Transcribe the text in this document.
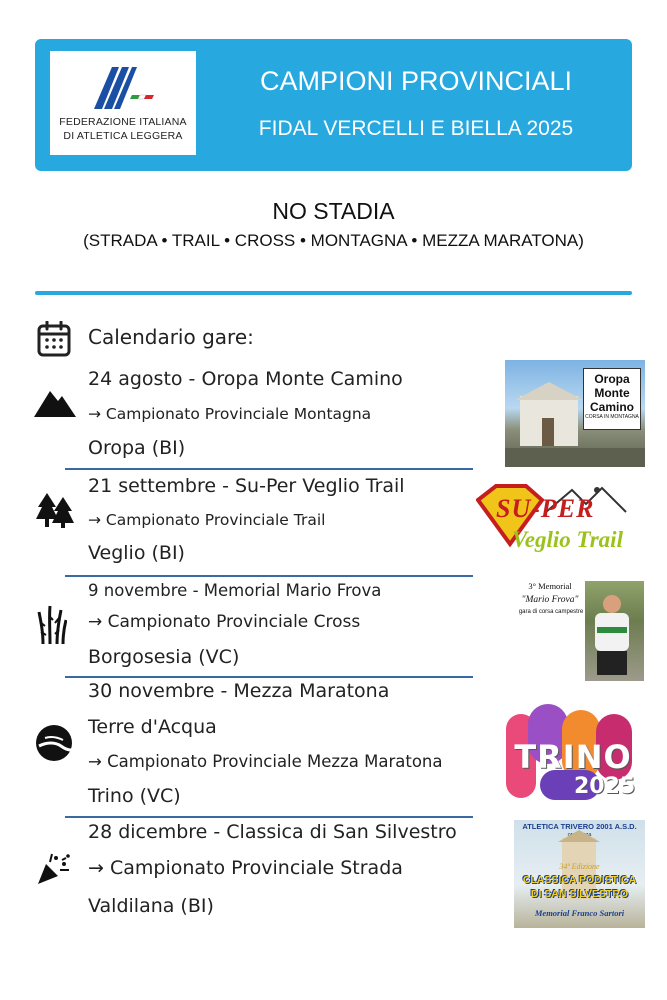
FEDERAZIONE ITALIANA
DI ATLETICA LEGGERA
CAMPIONI PROVINCIALI
FIDAL VERCELLI E BIELLA 2025
NO STADIA
(STRADA • TRAIL • CROSS • MONTAGNA • MEZZA MARATONA)
Calendario gare:
24 agosto - Oropa Monte Camino
→ Campionato Provinciale Montagna
Oropa (BI)
Oropa
Monte
Camino
CORSA IN MONTAGNA
21 settembre - Su-Per Veglio Trail
→ Campionato Provinciale Trail
Veglio (BI)
SU-PER
Veglio Trail
9 novembre - Memorial Mario Frova
→ Campionato Provinciale Cross
Borgosesia (VC)
3° Memorial
"Mario Frova"
gara di corsa campestre
30 novembre - Mezza Maratona
Terre d'Acqua
→ Campionato Provinciale Mezza Maratona
Trino (VC)
TRINO
2025
28 dicembre - Classica di San Silvestro
→ Campionato Provinciale Strada
Valdilana (BI)
ATLETICA TRIVERO 2001 A.S.D.
organizza
34ª Edizione
CLASSICA PODISTICA
DI SAN SILVESTRO
Memorial Franco Sartori
